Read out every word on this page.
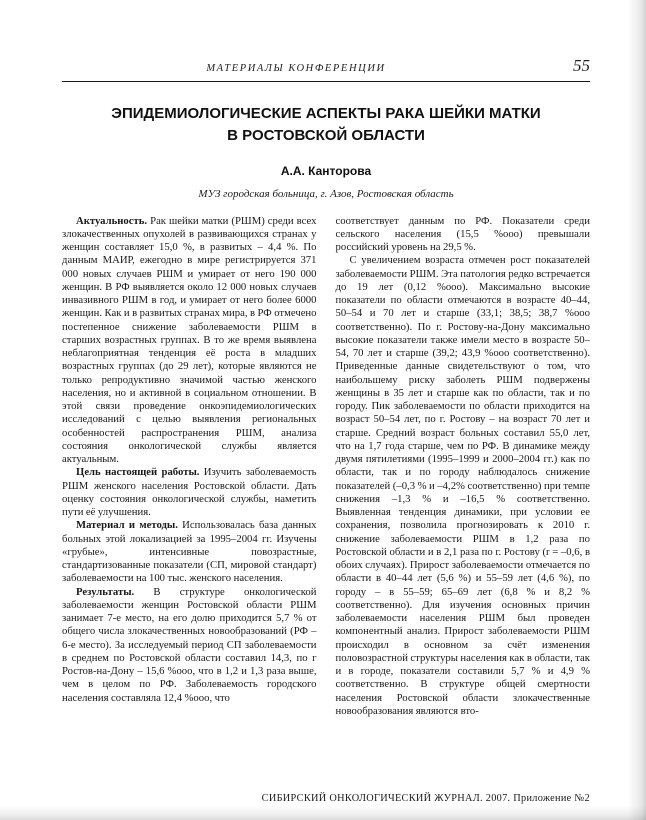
МАТЕРИАЛЫ КОНФЕРЕНЦИИ	55
ЭПИДЕМИОЛОГИЧЕСКИЕ АСПЕКТЫ РАКА ШЕЙКИ МАТКИ
В РОСТОВСКОЙ ОБЛАСТИ
А.А. Канторова
МУЗ городская больница, г. Азов, Ростовская область

Актуальность. Рак шейки матки (РШМ) среди всех злокачественных опухолей в развивающихся странах у женщин составляет 15,0 %, в развитых – 4,4 %. По данным МАИР, ежегодно в мире регистрируется 371 000 новых случаев РШМ и умирает от него 190 000 женщин. В РФ выявляется около 12 000 новых случаев инвазивного РШМ в год, и умирает от него более 6000 женщин. Как и в развитых странах мира, в РФ отмечено постепенное снижение заболеваемости РШМ в старших возрастных группах. В то же время выявлена неблагоприятная тенденция её роста в младших возрастных группах (до 29 лет), которые являются не только репродуктивно значимой частью женского населения, но и активной в социальном отношении. В этой связи проведение онкоэпидемиологических исследований с целью выявления региональных особенностей распространения РШМ, анализа состояния онкологической службы является актуальным.

Цель настоящей работы. Изучить заболеваемость РШМ женского населения Ростовской области. Дать оценку состояния онкологической службы, наметить пути её улучшения.

Материал и методы. Использовалась база данных больных этой локализацией за 1995–2004 гг. Изучены «грубые», интенсивные повозрастные, стандартизованные показатели (СП, мировой стандарт) заболеваемости на 100 тыс. женского населения.

Результаты. В структуре онкологической заболеваемости женщин Ростовской области РШМ занимает 7-е место, на его долю приходится 5,7 % от общего числа злокачественных новообразований (РФ – 6-е место). За исследуемый период СП заболеваемости в среднем по Ростовской области составил 14,3, по г Ростов-на-Дону – 15,6 %ооо, что в 1,2 и 1,3 раза выше, чем в целом по РФ. Заболеваемость городского населения составляла 12,4 %ооо, что

соответствует данным по РФ. Показатели среди сельского населения (15,5 %ооо) превышали российский уровень на 29,5 %.

С увеличением возраста отмечен рост показателей заболеваемости РШМ. Эта патология редко встречается до 19 лет (0,12 %ооо). Максимально высокие показатели по области отмечаются в возрасте 40–44, 50–54 и 70 лет и старше (33,1; 38,5; 38,7 %ооо соответственно). По г. Ростову-на-Дону максимально высокие показатели также имели место в возрасте 50–54, 70 лет и старше (39,2; 43,9 %ооо соответственно). Приведенные данные свидетельствуют о том, что наибольшему риску заболеть РШМ подвержены женщины в 35 лет и старше как по области, так и по городу. Пик заболеваемости по области приходится на возраст 50–54 лет, по г. Ростову – на возраст 70 лет и старше. Средний возраст больных составил 55,0 лет, что на 1,7 года старше, чем по РФ. В динамике между двумя пятилетиями (1995–1999 и 2000–2004 гг.) как по области, так и по городу наблюдалось снижение показателей (–0,3 % и –4,2% соответственно) при темпе снижения –1,3 % и –16,5 % соответственно. Выявленная тенденция динамики, при условии ее сохранения, позволила прогнозировать к 2010 г. снижение заболеваемости РШМ в 1,2 раза по Ростовской области и в 2,1 раза по г. Ростову (r = –0,6, в обоих случаях). Прирост заболеваемости отмечается по области в 40–44 лет (5,6 %) и 55–59 лет (4,6 %), по городу – в 55–59; 65–69 лет (6,8 % и 8,2 % соответственно). Для изучения основных причин заболеваемости населения РШМ был проведен компонентный анализ. Прирост заболеваемости РШМ происходил в основном за счёт изменения половозрастной структуры населения как в области, так и в городе, показатели составили 5,7 % и 4,9 % соответственно. В структуре общей смертности населения Ростовской области злокачественные новообразования являются вто-

СИБИРСКИЙ ОНКОЛОГИЧЕСКИЙ ЖУРНАЛ. 2007. Приложение №2
